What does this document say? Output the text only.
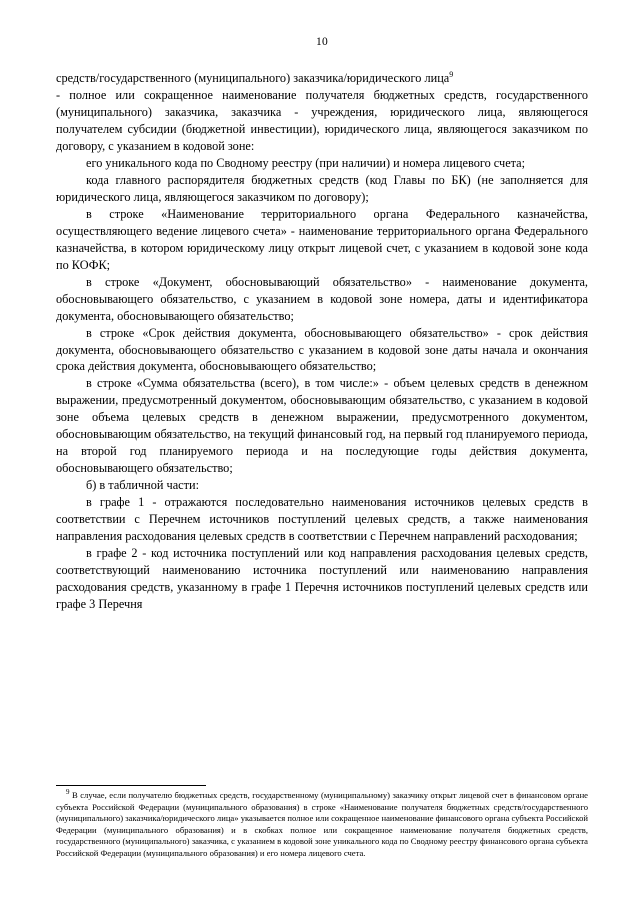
10

средств/государственного (муниципального) заказчика/юридического лица$^9$

- полное или сокращенное наименование получателя бюджетных средств, государственного (муниципального) заказчика, заказчика - учреждения, юридического лица, являющегося получателем субсидии (бюджетной инвестиции), юридического лица, являющегося заказчиком по договору, с указанием в кодовой зоне:

его уникального кода по Сводному реестру (при наличии) и номера лицевого счета;

кода главного распорядителя бюджетных средств (код Главы по БК) (не заполняется для юридического лица, являющегося заказчиком по договору);

в строке «Наименование территориального органа Федерального казначейства, осуществляющего ведение лицевого счета» - наименование территориального органа Федерального казначейства, в котором юридическому лицу открыт лицевой счет, с указанием в кодовой зоне кода по КОФК;

в строке «Документ, обосновывающий обязательство» - наименование документа, обосновывающего обязательство, с указанием в кодовой зоне номера, даты и идентификатора документа, обосновывающего обязательство;

в строке «Срок действия документа, обосновывающего обязательство» - срок действия документа, обосновывающего обязательство с указанием в кодовой зоне даты начала и окончания срока действия документа, обосновывающего обязательство;

в строке «Сумма обязательства (всего), в том числе:» - объем целевых средств в денежном выражении, предусмотренный документом, обосновывающим обязательство, с указанием в кодовой зоне объема целевых средств в денежном выражении, предусмотренного документом, обосновывающим обязательство, на текущий финансовый год, на первый год планируемого периода, на второй год планируемого периода и на последующие годы действия документа, обосновывающего обязательство;

б) в табличной части:

в графе 1 - отражаются последовательно наименования источников целевых средств в соответствии с Перечнем источников поступлений целевых средств, а также наименования направления расходования целевых средств в соответствии с Перечнем направлений расходования;

в графе 2 - код источника поступлений или код направления расходования целевых средств, соответствующий наименованию источника поступлений или наименованию направления расходования средств, указанному в графе 1 Перечня источников поступлений целевых средств или графе 3 Перечня

$^9$ В случае, если получателю бюджетных средств, государственному (муниципальному) заказчику открыт лицевой счет в финансовом органе субъекта Российской Федерации (муниципального образования) в строке «Наименование получателя бюджетных средств/государственного (муниципального) заказчика/юридического лица» указывается полное или сокращенное наименование финансового органа субъекта Российской Федерации (муниципального образования) и в скобках полное или сокращенное наименование получателя бюджетных средств, государственного (муниципального) заказчика, с указанием в кодовой зоне уникального кода по Сводному реестру финансового органа субъекта Российской Федерации (муниципального образования) и его номера лицевого счета.
